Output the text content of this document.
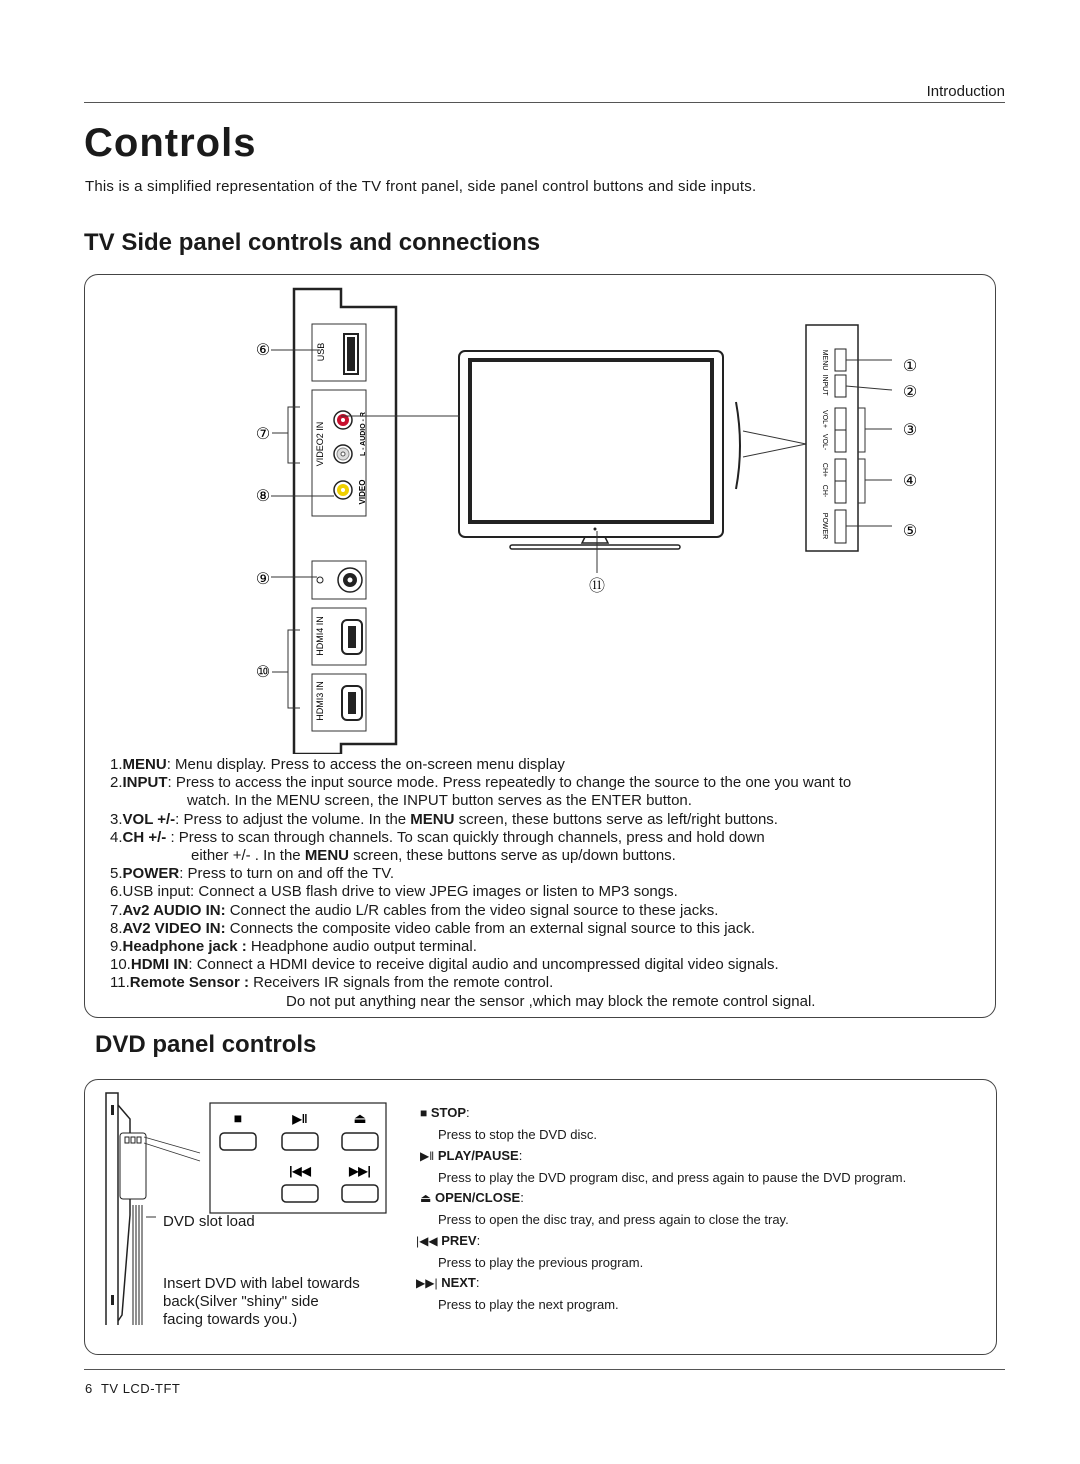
Introduction
Controls
This is a simplified representation of the TV front panel, side panel control buttons and side inputs.
TV Side panel controls and connections
USB
VIDEO2 IN	L - AUDIO - R
VIDEO
HDMI4 IN
HDMI3 IN
⑥
⑦
⑧
⑨
⑩
⑪
MENU
INPUT
VOL+
VOL-
CH+
CH-
POWER
①
②
③
④
⑤
1.MENU: Menu display. Press to access the on-screen menu display
2.INPUT: Press to access the input source mode. Press repeatedly to change the source to the one you want to
watch. In the MENU screen, the INPUT button serves as the ENTER button.
3.VOL +/-: Press to adjust the volume. In the MENU screen, these buttons serve as left/right buttons.
4.CH +/- : Press to scan through channels. To scan quickly through channels, press and hold down
either +/- . In the MENU screen, these buttons serve as up/down buttons.
5.POWER: Press to turn on and off the TV.
6.USB input: Connect a USB flash drive to view JPEG images or listen to MP3 songs.
7.Av2 AUDIO IN: Connect the audio L/R cables from the video signal source to these jacks.
8.AV2 VIDEO IN: Connects the composite video cable from an external signal source to this jack.
9.Headphone jack : Headphone audio output terminal.
10.HDMI IN: Connect a HDMI device to receive digital audio and uncompressed digital video signals.
11.Remote Sensor : Receivers IR signals from the remote control.
Do not put anything near the sensor ,which may block the remote control signal.
DVD panel controls
■	▶‖	⏏
|◀◀	▶▶|
DVD slot load
Insert DVD with label towards
back(Silver "shiny" side
facing towards you.)
■ STOP:
Press to stop the DVD disc.
▶‖ PLAY/PAUSE:
Press to play the DVD program disc, and press again to pause the DVD program.
⏏ OPEN/CLOSE:
Press to open the disc tray, and press again to close the tray.
|◀◀ PREV:
Press to play the previous program.
▶▶| NEXT:
Press to play the next program.
6 TV LCD-TFT
